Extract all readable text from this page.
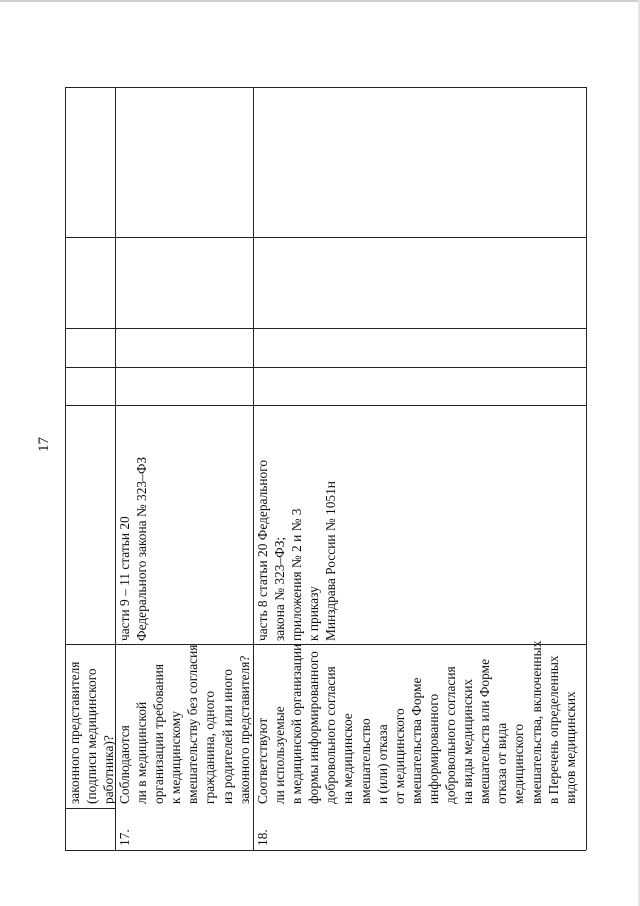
17
законного представителя (подписи медицинского работника)?
17.
Соблюдаются ли в медицинской организации требования к медицинскому вмешательству без согласия гражданина, одного из родителей или иного законного представителя?
части 9 – 11 статьи 20 Федерального закона № 323–ФЗ
18.
Соответствуют ли используемые в медицинской организации формы информированного добровольного согласия на медицинское вмешательство и (или) отказа от медицинского вмешательства Форме информированного добровольного согласия на виды медицинских вмешательств или Форме отказа от вида медицинского вмешательства, включенных в Перечень определенных видов медицинских
часть 8 статьи 20 Федерального закона № 323–ФЗ; приложения № 2 и № 3 к приказу Минздрава России № 1051н
